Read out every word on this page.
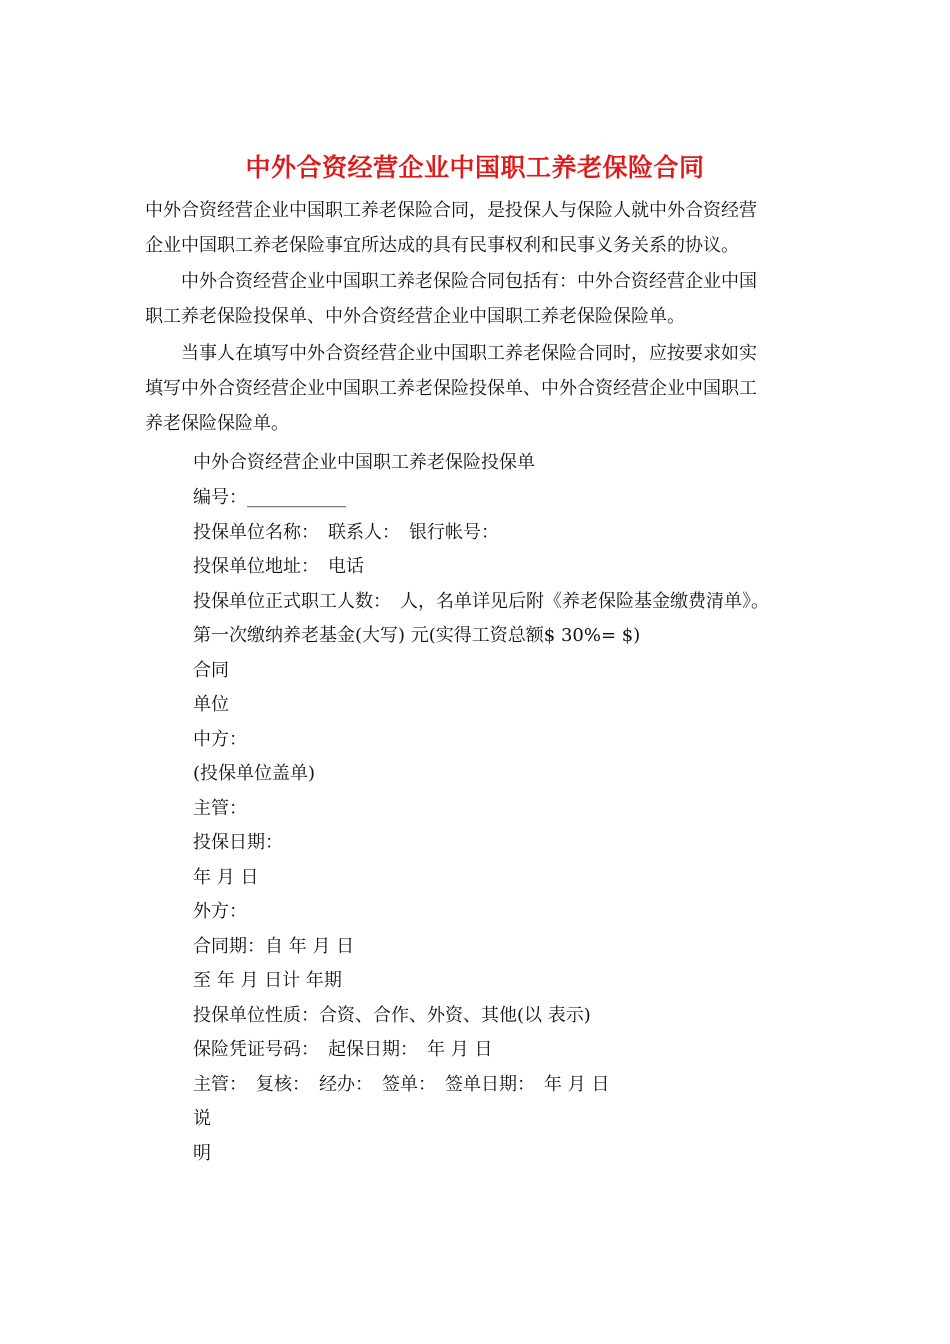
中外合资经营企业中国职工养老保险合同
中外合资经营企业中国职工养老保险合同，是投保人与保险人就中外合资经营
企业中国职工养老保险事宜所达成的具有民事权利和民事义务关系的协议。
　　中外合资经营企业中国职工养老保险合同包括有：中外合资经营企业中国
职工养老保险投保单、中外合资经营企业中国职工养老保险保险单。
　　当事人在填写中外合资经营企业中国职工养老保险合同时，应按要求如实
填写中外合资经营企业中国职工养老保险投保单、中外合资经营企业中国职工
养老保险保险单。
中外合资经营企业中国职工养老保险投保单
编号：___________
投保单位名称：　联系人：　银行帐号：
投保单位地址：　电话
投保单位正式职工人数：　人，名单详见后附《养老保险基金缴费清单》。
第一次缴纳养老基金(大写) 元(实得工资总额$ 30%= $)
合同
单位
中方：
(投保单位盖单)
主管：
投保日期：
年 月 日
外方：
合同期：自 年 月 日
至 年 月 日计 年期
投保单位性质：合资、合作、外资、其他(以 表示)
保险凭证号码：　起保日期：　年 月 日
主管：　复核：　经办：　签单：　签单日期：　年 月 日
说
明
